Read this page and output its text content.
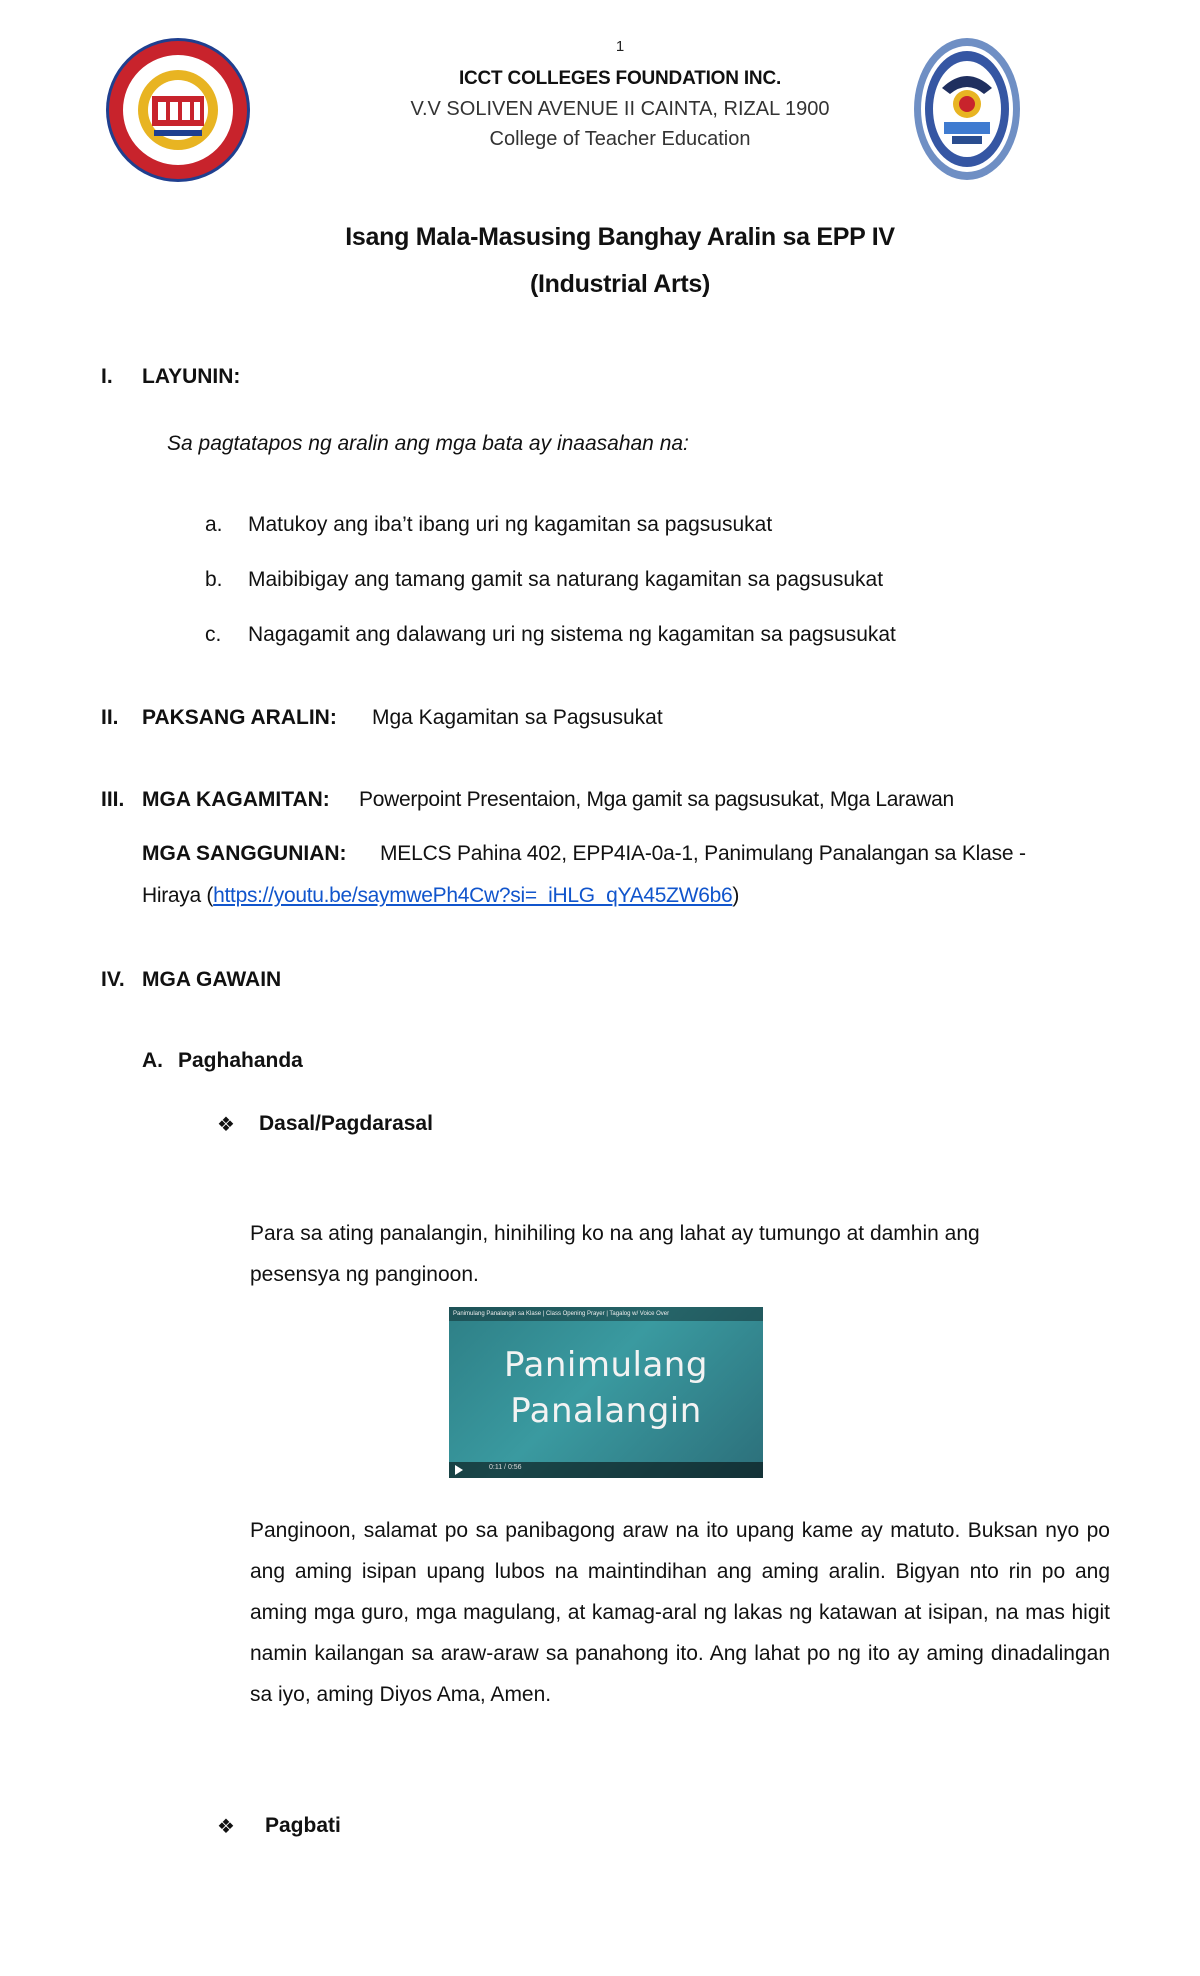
1
ICCT COLLEGES FOUNDATION INC.
V.V SOLIVEN AVENUE II CAINTA, RIZAL 1900
College of Teacher Education
Isang Mala-Masusing Banghay Aralin sa EPP IV
(Industrial Arts)
I. LAYUNIN:
Sa pagtatapos ng aralin ang mga bata ay inaasahan na:
a. Matukoy ang iba’t ibang uri ng kagamitan sa pagsusukat
b. Maibibigay ang tamang gamit sa naturang kagamitan sa pagsusukat
c. Nagagamit ang dalawang uri ng sistema ng kagamitan sa pagsusukat
II. PAKSANG ARALIN: Mga Kagamitan sa Pagsusukat
III. MGA KAGAMITAN: Powerpoint Presentaion, Mga gamit sa pagsusukat, Mga Larawan
MGA SANGGUNIAN: MELCS Pahina 402, EPP4IA-0a-1, Panimulang Panalangan sa Klase -
Hiraya (https://youtu.be/saymwePh4Cw?si=_iHLG_qYA45ZW6b6)
IV. MGA GAWAIN
A. Paghahanda
❖ Dasal/Pagdarasal
Para sa ating panalangin, hinihiling ko na ang lahat ay tumungo at damhin ang pesensya ng panginoon.
Panimulang Panalangin sa Klase | Class Opening Prayer | Tagalog w/ Voice Over
Panimulang
Panalangin
0:11 / 0:56
Panginoon, salamat po sa panibagong araw na ito upang kame ay matuto. Buksan nyo po ang aming isipan upang lubos na maintindihan ang aming aralin. Bigyan nto rin po ang aming mga guro, mga magulang, at kamag-aral ng lakas ng katawan at isipan, na mas higit namin kailangan sa araw-araw sa panahong ito. Ang lahat po ng ito ay aming dinadalingan sa iyo, aming Diyos Ama, Amen.
❖ Pagbati
